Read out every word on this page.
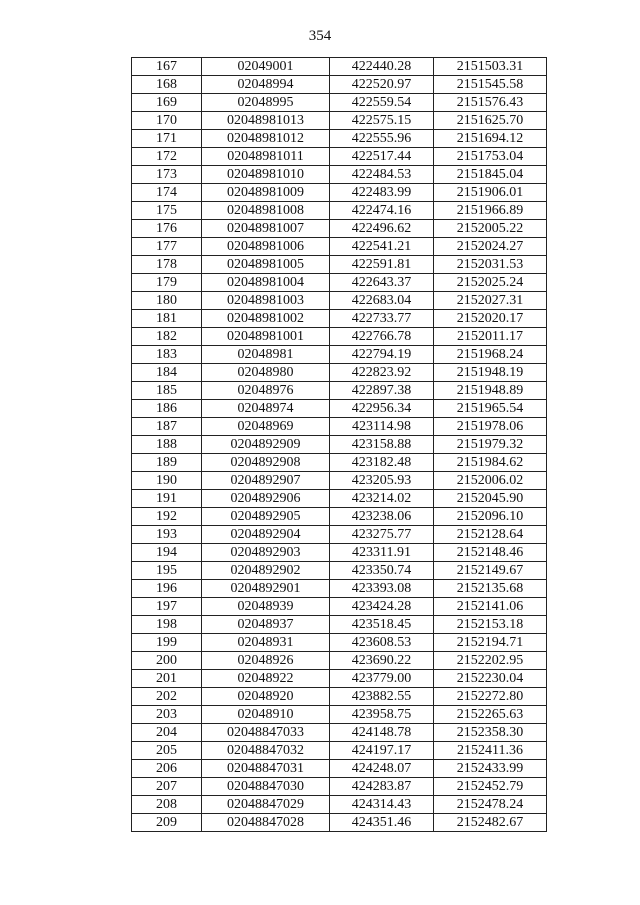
354
167	02049001	422440.28	2151503.31
168	02048994	422520.97	2151545.58
169	02048995	422559.54	2151576.43
170	02048981013	422575.15	2151625.70
171	02048981012	422555.96	2151694.12
172	02048981011	422517.44	2151753.04
173	02048981010	422484.53	2151845.04
174	02048981009	422483.99	2151906.01
175	02048981008	422474.16	2151966.89
176	02048981007	422496.62	2152005.22
177	02048981006	422541.21	2152024.27
178	02048981005	422591.81	2152031.53
179	02048981004	422643.37	2152025.24
180	02048981003	422683.04	2152027.31
181	02048981002	422733.77	2152020.17
182	02048981001	422766.78	2152011.17
183	02048981	422794.19	2151968.24
184	02048980	422823.92	2151948.19
185	02048976	422897.38	2151948.89
186	02048974	422956.34	2151965.54
187	02048969	423114.98	2151978.06
188	0204892909	423158.88	2151979.32
189	0204892908	423182.48	2151984.62
190	0204892907	423205.93	2152006.02
191	0204892906	423214.02	2152045.90
192	0204892905	423238.06	2152096.10
193	0204892904	423275.77	2152128.64
194	0204892903	423311.91	2152148.46
195	0204892902	423350.74	2152149.67
196	0204892901	423393.08	2152135.68
197	02048939	423424.28	2152141.06
198	02048937	423518.45	2152153.18
199	02048931	423608.53	2152194.71
200	02048926	423690.22	2152202.95
201	02048922	423779.00	2152230.04
202	02048920	423882.55	2152272.80
203	02048910	423958.75	2152265.63
204	02048847033	424148.78	2152358.30
205	02048847032	424197.17	2152411.36
206	02048847031	424248.07	2152433.99
207	02048847030	424283.87	2152452.79
208	02048847029	424314.43	2152478.24
209	02048847028	424351.46	2152482.67
